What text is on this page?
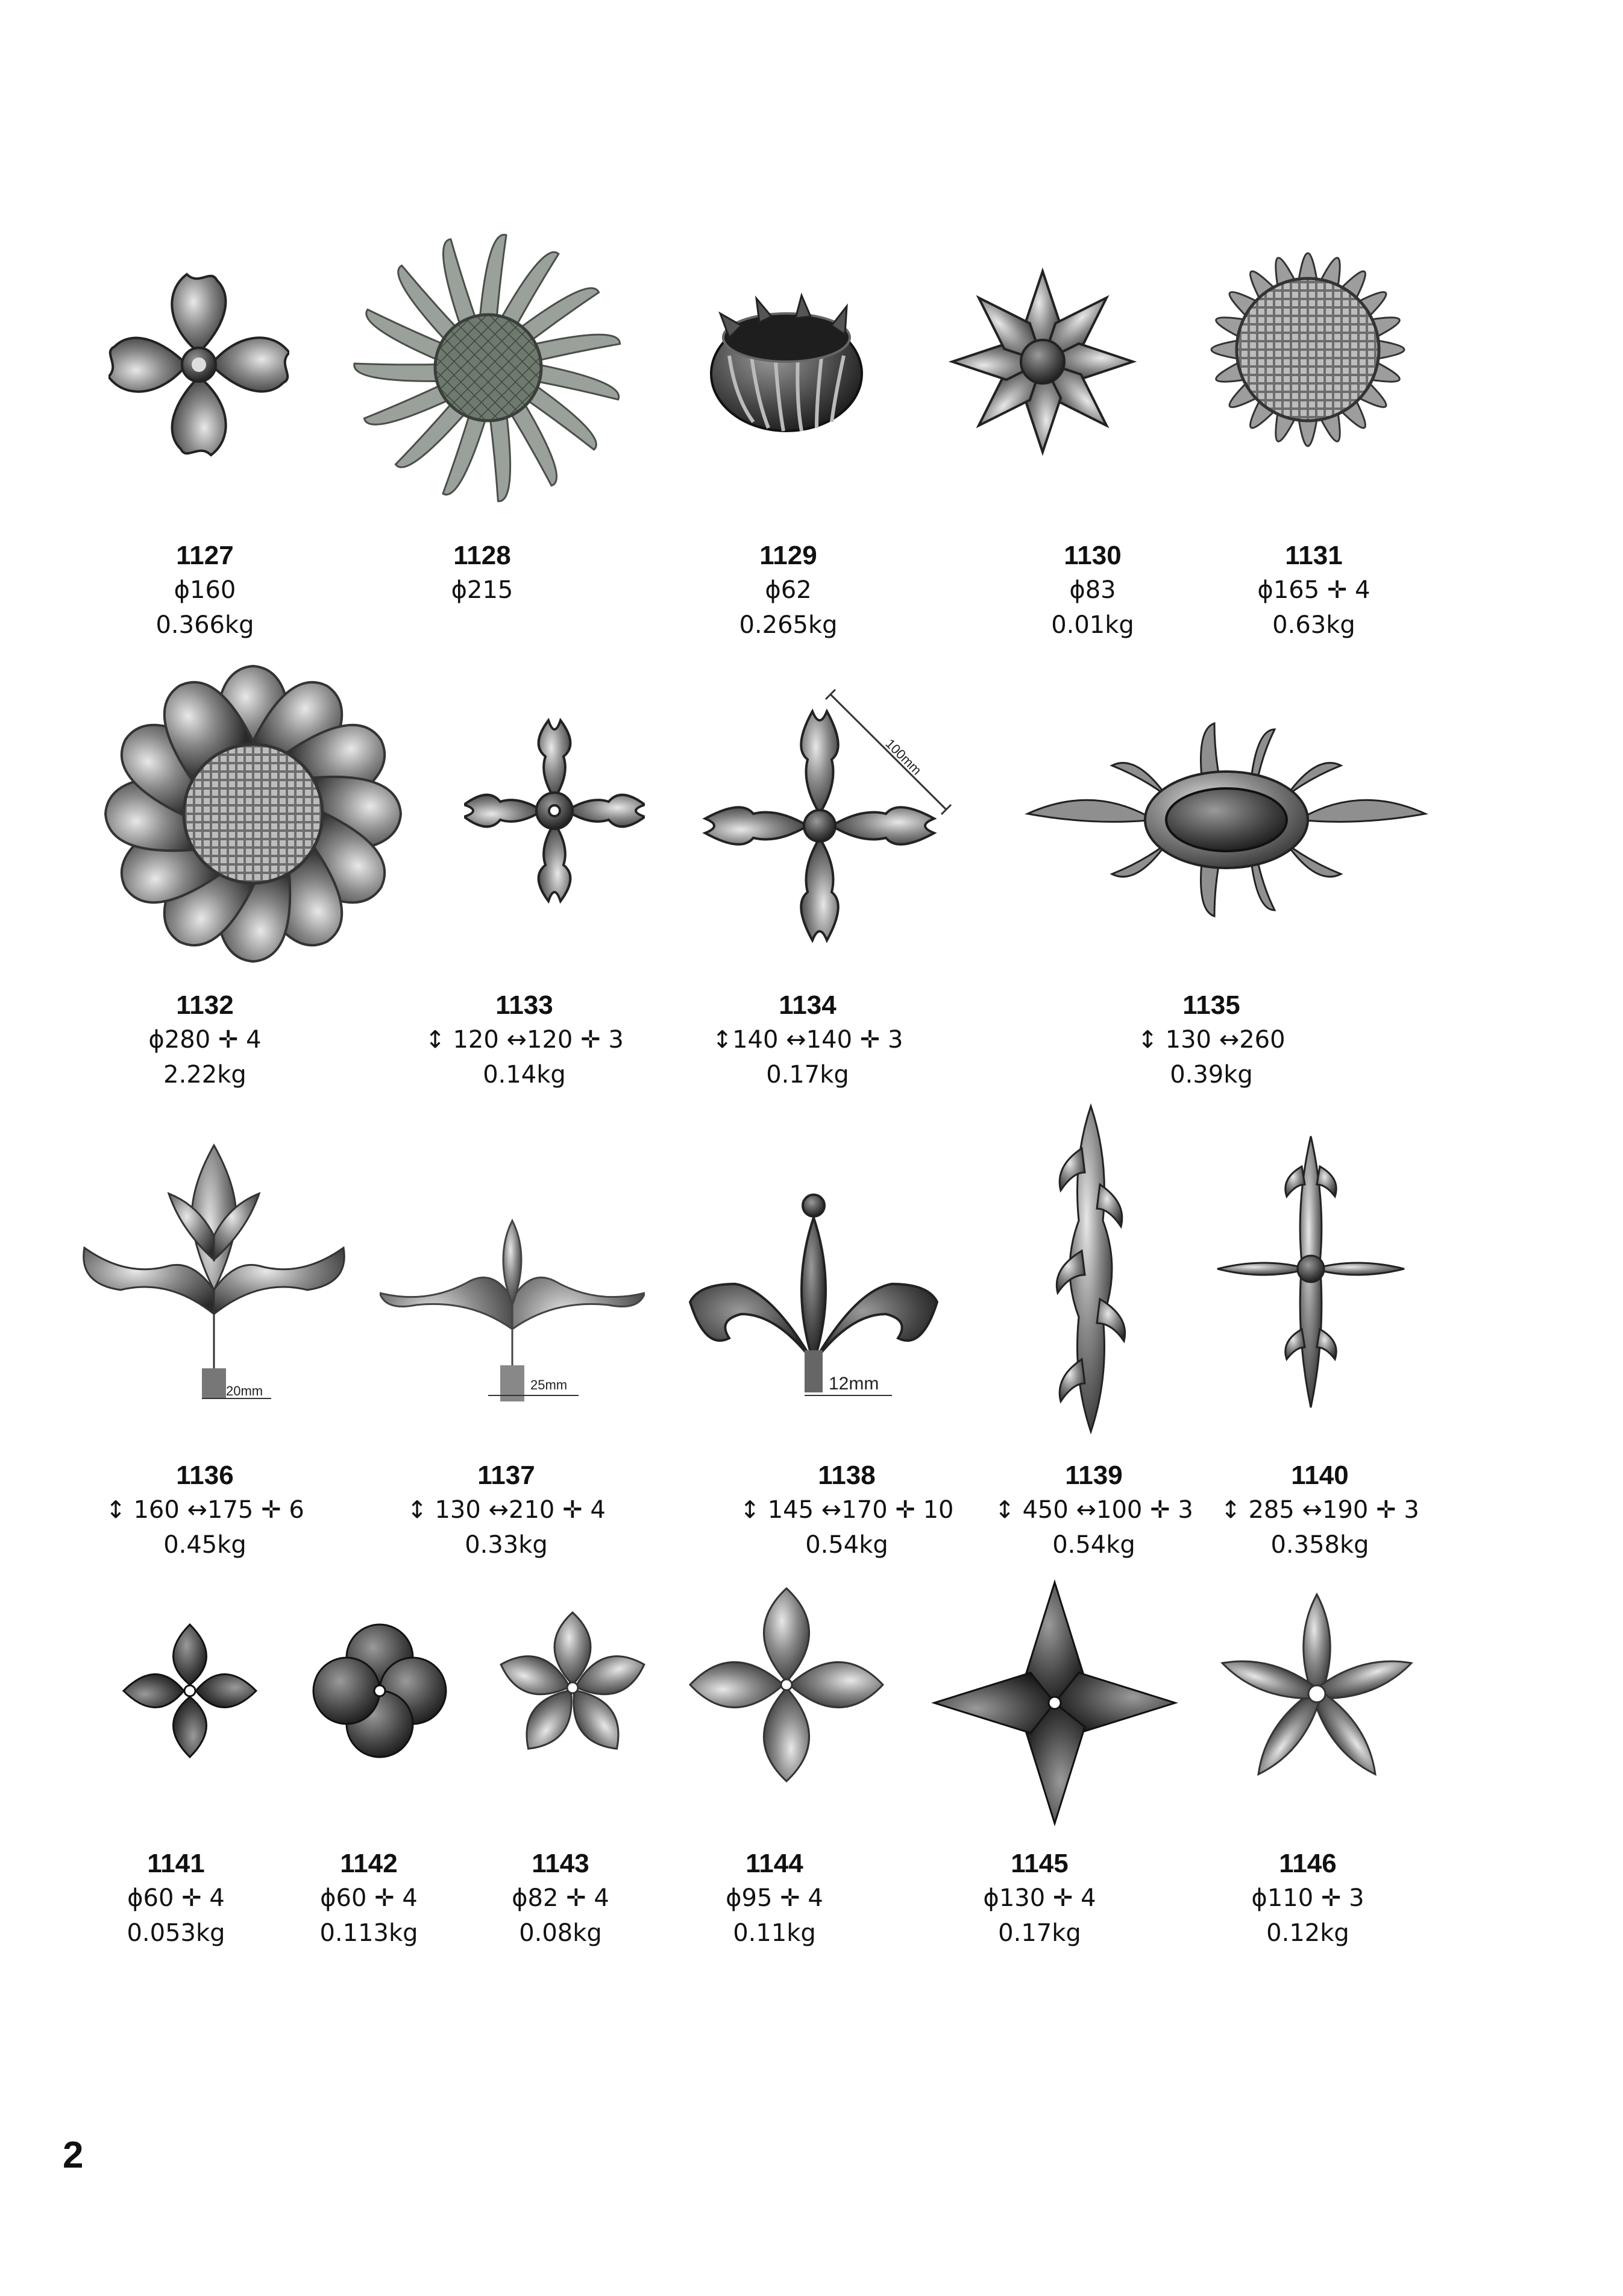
1127
ϕ160
0.366kg
1128
ϕ215
1129
ϕ62
0.265kg
1130
ϕ83
0.01kg
1131
ϕ165 ✛ 4
0.63kg
100mm
1132
ϕ280 ✛ 4
2.22kg
1133
↕ 120 ↔120 ✛ 3
0.14kg
1134
↕140 ↔140 ✛ 3
0.17kg
1135
↕ 130 ↔260
0.39kg
20mm	25mm	12mm
1136
↕ 160 ↔175 ✛ 6
0.45kg
1137
↕ 130 ↔210 ✛ 4
0.33kg
1138
↕ 145 ↔170 ✛ 10
0.54kg
1139
↕ 450 ↔100 ✛ 3
0.54kg
1140
↕ 285 ↔190 ✛ 3
0.358kg
1141
ϕ60 ✛ 4
0.053kg
1142
ϕ60 ✛ 4
0.113kg
1143
ϕ82 ✛ 4
0.08kg
1144
ϕ95 ✛ 4
0.11kg
1145
ϕ130 ✛ 4
0.17kg
1146
ϕ110 ✛ 3
0.12kg
2
